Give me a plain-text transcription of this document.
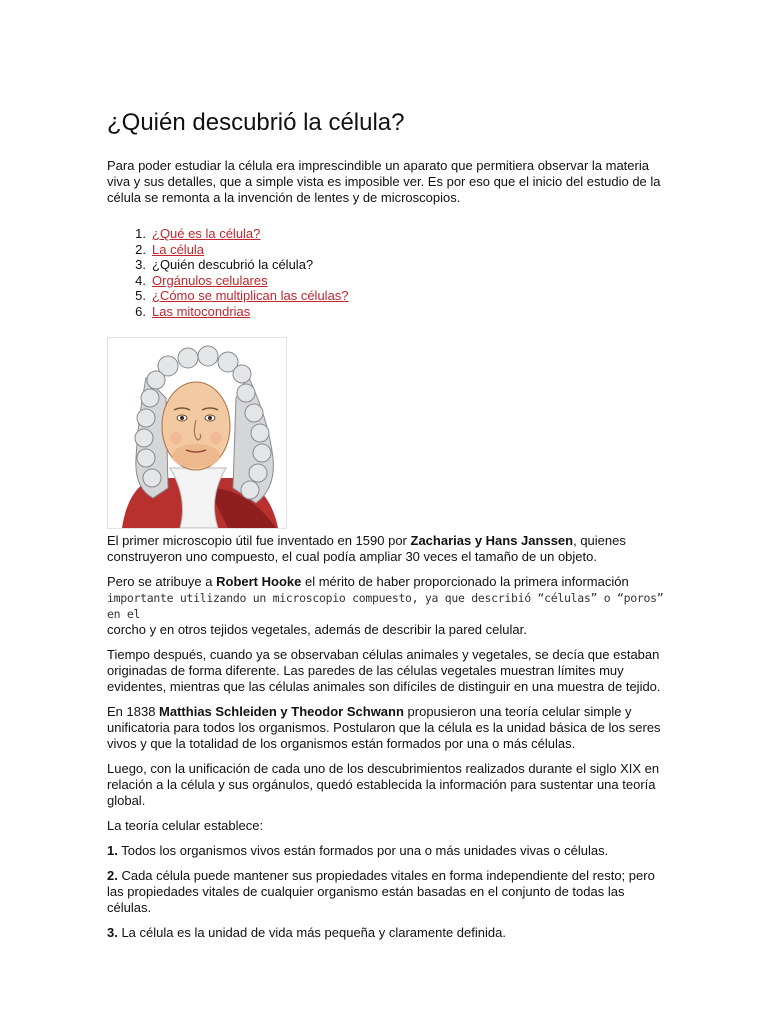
¿Quién descubrió la célula?

Para poder estudiar la célula era imprescindible un aparato que permitiera observar la materia viva y sus detalles, que a simple vista es imposible ver. Es por eso que el inicio del estudio de la célula se remonta a la invención de lentes y de microscopios.

1. ¿Qué es la célula?
2. La célula
3. ¿Quién descubrió la célula?
4. Orgánulos celulares
5. ¿Cómo se multiplican las células?
6. Las mitocondrias

El primer microscopio útil fue inventado en 1590 por Zacharias y Hans Janssen, quienes construyeron uno compuesto, el cual podía ampliar 30 veces el tamaño de un objeto.

Pero se atribuye a Robert Hooke el mérito de haber proporcionado la primera información
importante utilizando un microscopio compuesto, ya que describió “células” o “poros” en el
corcho y en otros tejidos vegetales, además de describir la pared celular.

Tiempo después, cuando ya se observaban células animales y vegetales, se decía que estaban originadas de forma diferente. Las paredes de las células vegetales muestran límites muy evidentes, mientras que las células animales son difíciles de distinguir en una muestra de tejido.

En 1838 Matthias Schleiden y Theodor Schwann propusieron una teoría celular simple y unificatoria para todos los organismos. Postularon que la célula es la unidad básica de los seres vivos y que la totalidad de los organismos están formados por una o más células.

Luego, con la unificación de cada uno de los descubrimientos realizados durante el siglo XIX en relación a la célula y sus orgánulos, quedó establecida la información para sustentar una teoría global.

La teoría celular establece:

1. Todos los organismos vivos están formados por una o más unidades vivas o células.

2. Cada célula puede mantener sus propiedades vitales en forma independiente del resto; pero las propiedades vitales de cualquier organismo están basadas en el conjunto de todas las células.

3. La célula es la unidad de vida más pequeña y claramente definida.
